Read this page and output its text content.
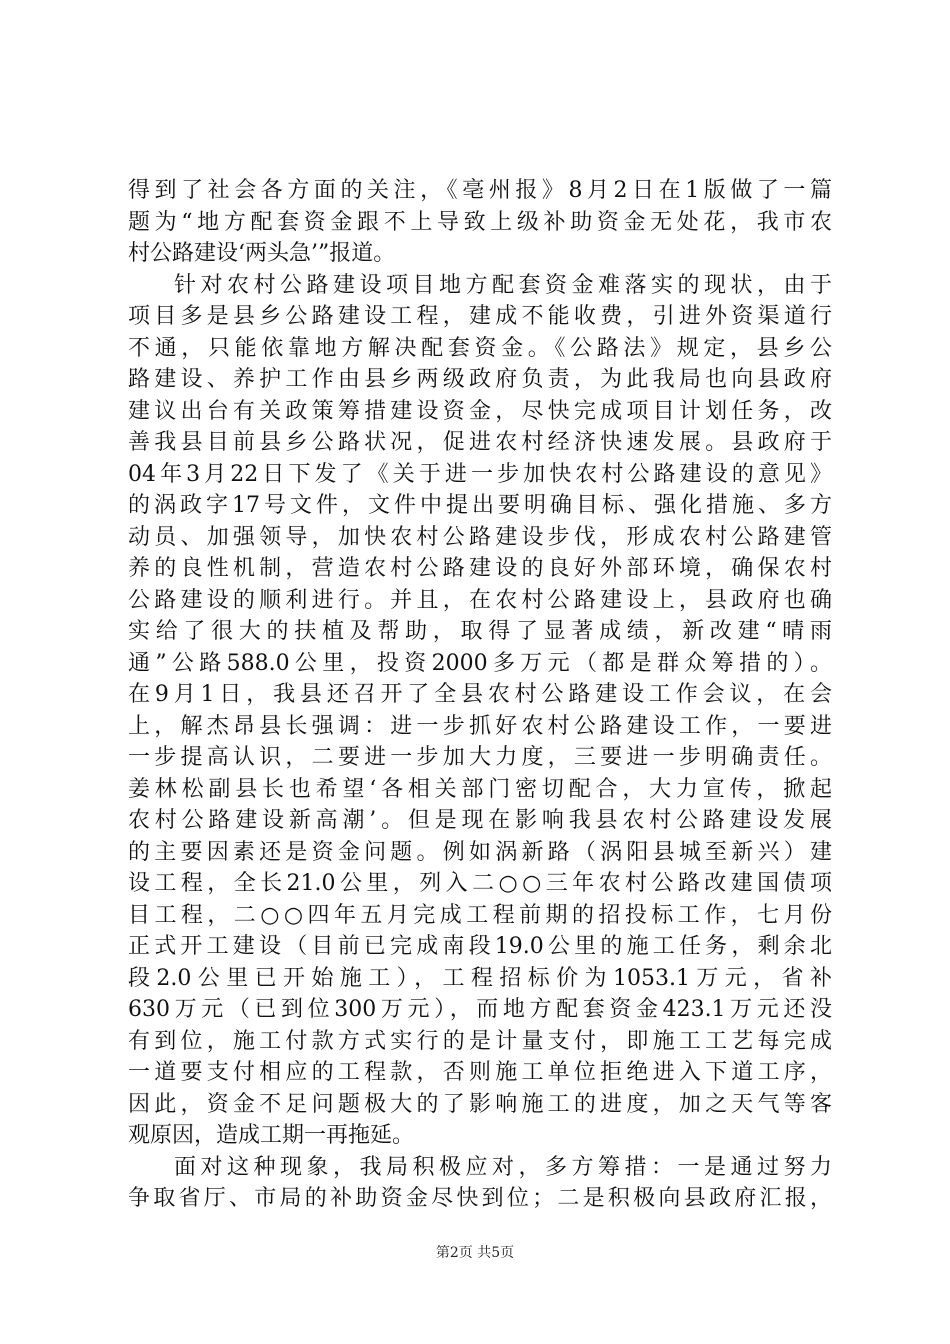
得到了社会各方面的关注，《亳州报》8月2日在1版做了一篇
题为“地方配套资金跟不上导致上级补助资金无处花，我市农
村公路建设‘两头急’”报道。
针对农村公路建设项目地方配套资金难落实的现状，由于
项目多是县乡公路建设工程，建成不能收费，引进外资渠道行
不通，只能依靠地方解决配套资金。《公路法》规定，县乡公
路建设、养护工作由县乡两级政府负责，为此我局也向县政府
建议出台有关政策筹措建设资金，尽快完成项目计划任务，改
善我县目前县乡公路状况，促进农村经济快速发展。县政府于
04年3月22日下发了《关于进一步加快农村公路建设的意见》
的涡政字17号文件，文件中提出要明确目标、强化措施、多方
动员、加强领导，加快农村公路建设步伐，形成农村公路建管
养的良性机制，营造农村公路建设的良好外部环境，确保农村
公路建设的顺利进行。并且，在农村公路建设上，县政府也确
实给了很大的扶植及帮助，取得了显著成绩，新改建“晴雨
通”公路588.0公里，投资2000多万元（都是群众筹措的）。
在9月1日，我县还召开了全县农村公路建设工作会议，在会
上，解杰昂县长强调：进一步抓好农村公路建设工作，一要进
一步提高认识，二要进一步加大力度，三要进一步明确责任。
姜林松副县长也希望‘各相关部门密切配合，大力宣传，掀起
农村公路建设新高潮’。但是现在影响我县农村公路建设发展
的主要因素还是资金问题。例如涡新路（涡阳县城至新兴）建
设工程，全长21.0公里，列入二○○三年农村公路改建国债项
目工程，二○○四年五月完成工程前期的招投标工作，七月份
正式开工建设（目前已完成南段19.0公里的施工任务，剩余北
段2.0公里已开始施工），工程招标价为1053.1万元，省补
630万元（已到位300万元），而地方配套资金423.1万元还没
有到位，施工付款方式实行的是计量支付，即施工工艺每完成
一道要支付相应的工程款，否则施工单位拒绝进入下道工序，
因此，资金不足问题极大的了影响施工的进度，加之天气等客
观原因，造成工期一再拖延。
面对这种现象，我局积极应对，多方筹措：一是通过努力
争取省厅、市局的补助资金尽快到位；二是积极向县政府汇报，
第2页 共5页
